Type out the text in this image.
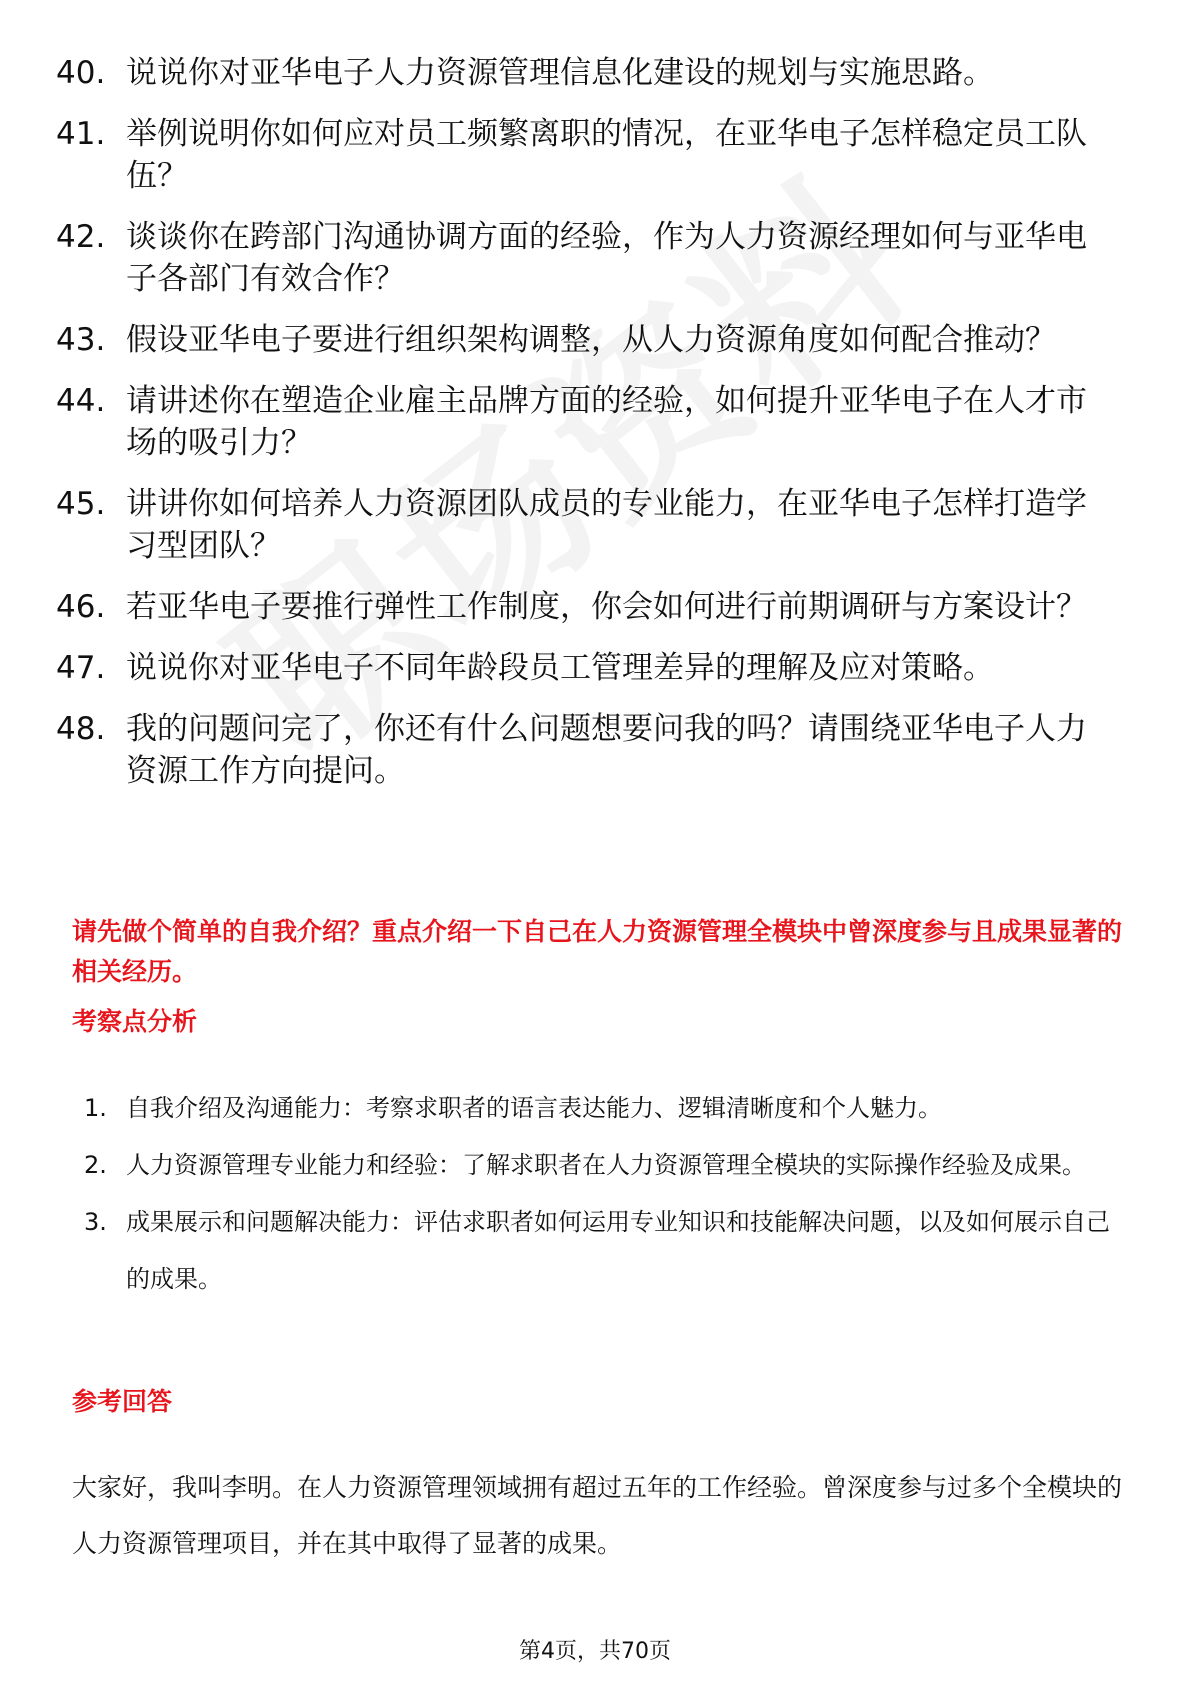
40. 说说你对亚华电子人力资源管理信息化建设的规划与实施思路。
41. 举例说明你如何应对员工频繁离职的情况，在亚华电子怎样稳定员工队伍？
42. 谈谈你在跨部门沟通协调方面的经验，作为人力资源经理如何与亚华电子各部门有效合作？
43. 假设亚华电子要进行组织架构调整，从人力资源角度如何配合推动？
44. 请讲述你在塑造企业雇主品牌方面的经验，如何提升亚华电子在人才市场的吸引力？
45. 讲讲你如何培养人力资源团队成员的专业能力，在亚华电子怎样打造学习型团队？
46. 若亚华电子要推行弹性工作制度，你会如何进行前期调研与方案设计？
47. 说说你对亚华电子不同年龄段员工管理差异的理解及应对策略。
48. 我的问题问完了，你还有什么问题想要问我的吗？请围绕亚华电子人力资源工作方向提问。
请先做个简单的自我介绍？重点介绍一下自己在人力资源管理全模块中曾深度参与且成果显著的相关经历。
考察点分析
1. 自我介绍及沟通能力：考察求职者的语言表达能力、逻辑清晰度和个人魅力。
2. 人力资源管理专业能力和经验：了解求职者在人力资源管理全模块的实际操作经验及成果。
3. 成果展示和问题解决能力：评估求职者如何运用专业知识和技能解决问题，以及如何展示自己的成果。
参考回答
大家好，我叫李明。在人力资源管理领域拥有超过五年的工作经验。曾深度参与过多个全模块的人力资源管理项目，并在其中取得了显著的成果。
第4页，共70页
